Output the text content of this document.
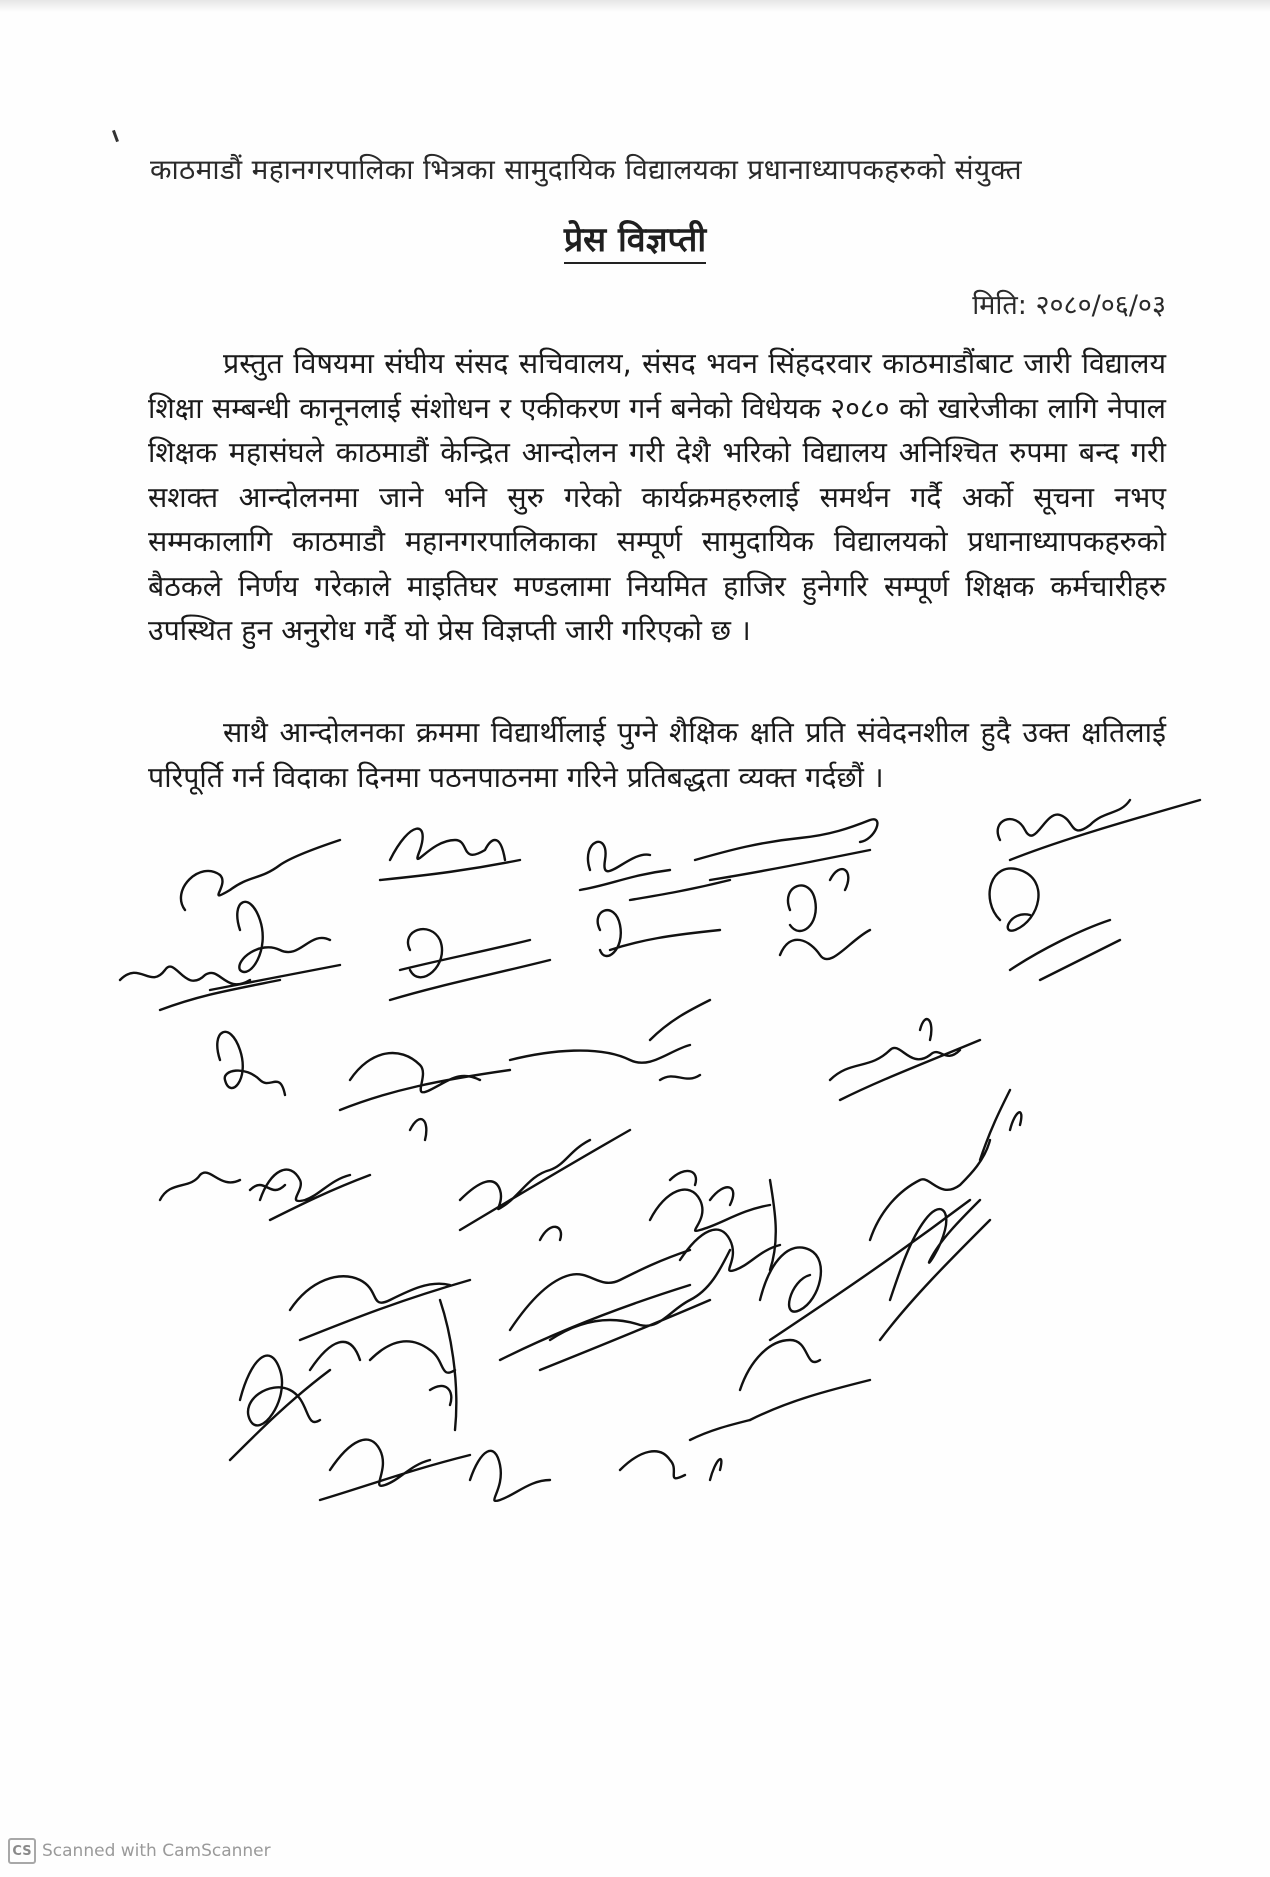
काठमाडौं महानगरपालिका भित्रका सामुदायिक विद्यालयका प्रधानाध्यापकहरुको संयुक्त
प्रेस विज्ञप्ती
मिति: २०८०/०६/०३

प्रस्तुत विषयमा संघीय संसद सचिवालय, संसद भवन सिंहदरवार काठमाडौंबाट जारी विद्यालय शिक्षा सम्बन्धी कानूनलाई संशोधन र एकीकरण गर्न बनेको विधेयक २०८० को खारेजीका लागि नेपाल शिक्षक महासंघले काठमाडौं केन्द्रित आन्दोलन गरी देशै भरिको विद्यालय अनिश्चित रुपमा बन्द गरी सशक्त आन्दोलनमा जाने भनि सुरु गरेको कार्यक्रमहरुलाई समर्थन गर्दै अर्को सूचना नभए सम्मकालागि काठमाडौ महानगरपालिकाका सम्पूर्ण सामुदायिक विद्यालयको प्रधानाध्यापकहरुको बैठकले निर्णय गरेकाले माइतिघर मण्डलामा नियमित हाजिर हुनेगरि सम्पूर्ण शिक्षक कर्मचारीहरु उपस्थित हुन अनुरोध गर्दै यो प्रेस विज्ञप्ती जारी गरिएको छ ।

साथै आन्दोलनका क्रममा विद्यार्थीलाई पुग्ने शैक्षिक क्षति प्रति संवेदनशील हुदै उक्त क्षतिलाई परिपूर्ति गर्न विदाका दिनमा पठनपाठनमा गरिने प्रतिबद्धता व्यक्त गर्दछौं ।

CS Scanned with CamScanner
